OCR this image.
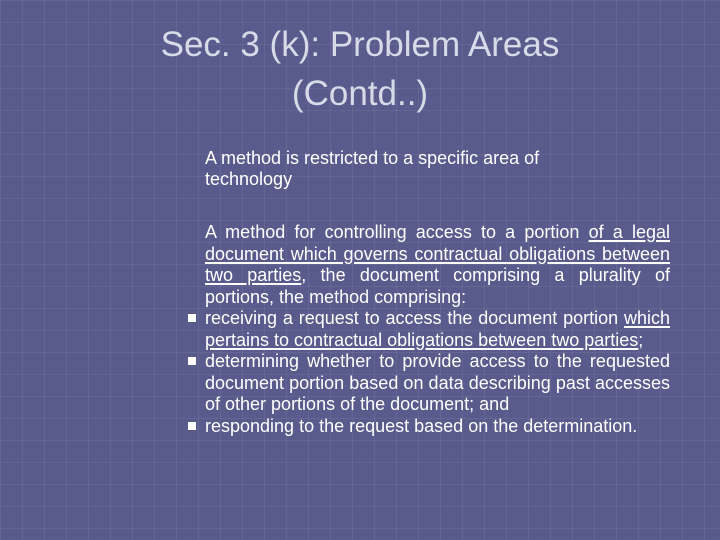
Sec. 3 (k): Problem Areas
(Contd..)
A method is restricted to a specific area of
technology

A method for controlling access to a portion of a legal document which governs contractual obligations between two parties, the document comprising a plurality of portions, the method comprising:

receiving a request to access the document portion which pertains to contractual obligations between two parties;
determining whether to provide access to the requested document portion based on data describing past accesses of other portions of the document; and
responding to the request based on the determination.
